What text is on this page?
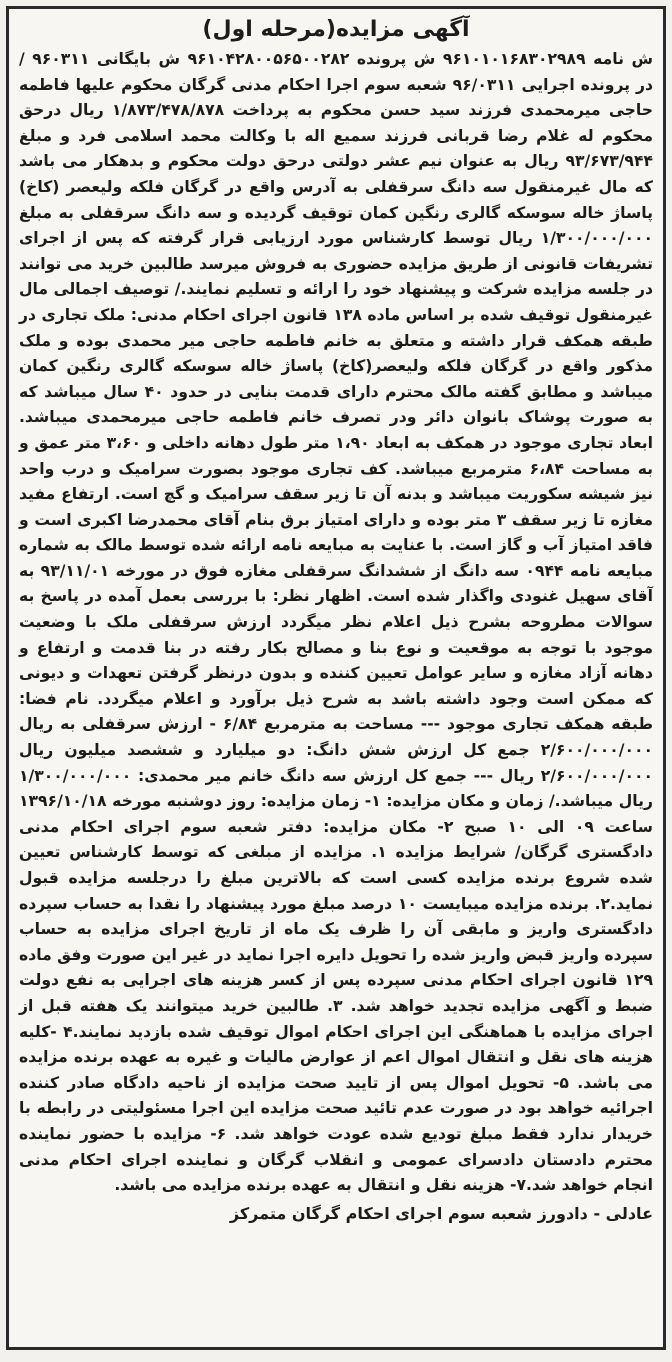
آگهی مزایده(مرحله اول)

ش نامه ۹۶۱۰۱۰۱۶۸۳۰۲۹۸۹ ش پرونده ۹۶۱۰۴۲۸۰۰۵۶۵۰۰۲۸۲ ش بایگانی ۹۶۰۳۱۱ / در پرونده اجرایی ۹۶/۰۳۱۱ شعبه سوم اجرا احکام مدنی گرگان محکوم علیها فاطمه حاجی میرمحمدی فرزند سید حسن محکوم به پرداخت ۱/۸۷۳/۴۷۸/۸۷۸ ریال درحق محکوم له غلام رضا قربانی فرزند سمیع اله با وکالت محمد اسلامی فرد و مبلغ ۹۳/۶۷۳/۹۴۴ ریال به عنوان نیم عشر دولتی درحق دولت محکوم و بدهکار می باشد که مال غیرمنقول سه دانگ سرقفلی به آدرس واقع در گرگان فلکه ولیعصر (کاخ) پاساژ خاله سوسکه گالری رنگین کمان توقیف گردیده و سه دانگ سرقفلی به مبلغ ۱/۳۰۰/۰۰۰/۰۰۰ ریال توسط کارشناس مورد ارزیابی قرار گرفته که پس از اجرای تشریفات قانونی از طریق مزایده حضوری به فروش میرسد طالبین خرید می توانند در جلسه مزایده شرکت و پیشنهاد خود را ارائه و تسلیم نمایند./ توصیف اجمالی مال غیرمنقول توقیف شده بر اساس ماده ۱۳۸ قانون اجرای احکام مدنی: ملک تجاری در طبقه همکف قرار داشته و متعلق به خانم فاطمه حاجی میر محمدی بوده و ملک مذکور واقع در گرگان فلکه ولیعصر(کاخ) پاساژ خاله سوسکه گالری رنگین کمان میباشد و مطابق گفته مالک محترم دارای قدمت بنایی در حدود ۴۰ سال میباشد که به صورت پوشاک بانوان دائر ودر تصرف خانم فاطمه حاجی میرمحمدی میباشد. ابعاد تجاری موجود در همکف به ابعاد ۱،۹۰ متر طول دهانه داخلی و ۳،۶۰ متر عمق و به مساحت ۶،۸۴ مترمربع میباشد. کف تجاری موجود بصورت سرامیک و درب واحد نیز شیشه سکوریت میباشد و بدنه آن تا زیر سقف سرامیک و گچ است. ارتفاع مفید مغازه تا زیر سقف ۳ متر بوده و دارای امتیاز برق بنام آقای محمدرضا اکبری است و فاقد امتیاز آب و گاز است. با عنایت به مبایعه نامه ارائه شده توسط مالک به شماره مبایعه نامه ۰۹۴۴ سه دانگ از ششدانگ سرقفلی مغازه فوق در مورخه ۹۳/۱۱/۰۱ به آقای سهیل غنودی واگذار شده است. اظهار نظر: با بررسی بعمل آمده در پاسخ به سوالات مطروحه بشرح ذیل اعلام نظر میگردد ارزش سرقفلی ملک با وضعیت موجود با توجه به موقعیت و نوع بنا و مصالح بکار رفته در بنا قدمت و ارتفاع و دهانه آزاد مغازه و سایر عوامل تعیین کننده و بدون درنظر گرفتن تعهدات و دیونی که ممکن است وجود داشته باشد به شرح ذیل برآورد و اعلام میگردد. نام فضا: طبقه همکف تجاری موجود --- مساحت به مترمربع ۶/۸۴ - ارزش سرقفلی به ریال ۲/۶۰۰/۰۰۰/۰۰۰ جمع کل ارزش شش دانگ: دو میلیارد و ششصد میلیون ریال ۲/۶۰۰/۰۰۰/۰۰۰ ریال --- جمع کل ارزش سه دانگ خانم میر محمدی: ۱/۳۰۰/۰۰۰/۰۰۰ ریال میباشد./ زمان و مکان مزایده: ۱- زمان مزایده: روز دوشنبه مورخه ۱۳۹۶/۱۰/۱۸ ساعت ۰۹ الی ۱۰ صبح ۲- مکان مزایده: دفتر شعبه سوم اجرای احکام مدنی دادگستری گرگان/ شرایط مزایده ۱. مزایده از مبلغی که توسط کارشناس تعیین شده شروع برنده مزایده کسی است که بالاترین مبلغ را درجلسه مزایده قبول نماید.۲. برنده مزایده میبایست ۱۰ درصد مبلغ مورد پیشنهاد را نقدا به حساب سپرده دادگستری واریز و مابقی آن را ظرف یک ماه از تاریخ اجرای مزایده به حساب سپرده واریز قبض واریز شده را تحویل دایره اجرا نماید در غیر این صورت وفق ماده ۱۲۹ قانون اجرای احکام مدنی سپرده پس از کسر هزینه های اجرایی به نفع دولت ضبط و آگهی مزایده تجدید خواهد شد. ۳. طالبین خرید میتوانند یک هفته قبل از اجرای مزایده با هماهنگی این اجرای احکام اموال توقیف شده بازدید نمایند.۴ -کلیه هزینه های نقل و انتقال اموال اعم از عوارض مالیات و غیره به عهده برنده مزایده می باشد. ۵- تحویل اموال پس از تایید صحت مزایده از ناحیه دادگاه صادر کننده اجرائیه خواهد بود در صورت عدم تائید صحت مزایده این اجرا مسئولیتی در رابطه با خریدار ندارد فقط مبلغ تودیع شده عودت خواهد شد. ۶- مزایده با حضور نماینده محترم دادستان دادسرای عمومی و انقلاب گرگان و نماینده اجرای احکام مدنی انجام خواهد شد.۷- هزینه نقل و انتقال به عهده برنده مزایده می باشد.

عادلی - دادورز شعبه سوم اجرای احکام گرگان متمرکز
